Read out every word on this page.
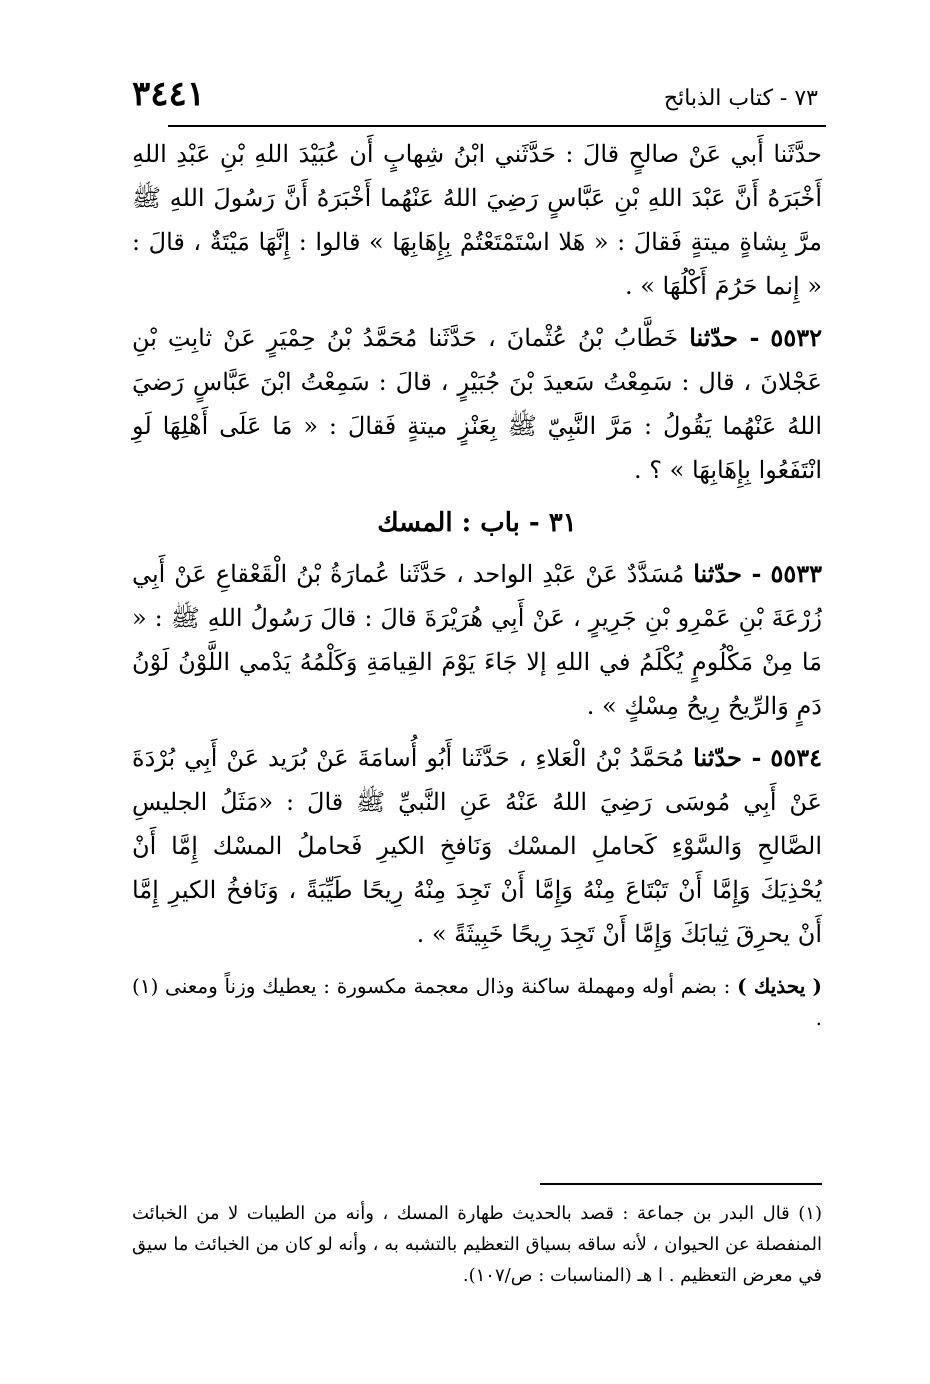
٣٤٤١	٧٣ - كتاب الذبائح

حدَّثَنا أَبي عَنْ صالحٍ قالَ : حَدَّثَني ابْنُ شِهابٍ أَن عُبَيْدَ اللهِ بْنِ عَبْدِ اللهِ أَخْبَرَهُ أَنَّ عَبْدَ اللهِ بْنِ عَبَّاسٍ رَضِيَ اللهُ عَنْهُما أَخْبَرَهُ أَنَّ رَسُولَ اللهِ ﷺ مرَّ بِشاةٍ ميتةٍ فَقالَ : « هَلا اسْتَمْتَعْتُمْ بِإِهَابِهَا » قالوا : إِنَّهَا مَيْتَةٌ ، قالَ : « إِنما حَرُمَ أَكْلُهَا » .

٥٥٣٢ - حدّثنا خَطَّابُ بْنُ عُثْمانَ ، حَدَّثَنا مُحَمَّدُ بْنُ حِمْيَرٍ عَنْ ثابِتِ بْنِ عَجْلانَ ، قال : سَمِعْتُ سَعيدَ بْنَ جُبَيْرٍ ، قالَ : سَمِعْتُ ابْنَ عَبَّاسٍ رَضيَ اللهُ عَنْهُما يَقُولُ : مَرَّ النَّبِيّ ﷺ بِعَنْزٍ ميتةٍ فَقالَ : « مَا عَلَى أَهْلِهَا لَوِ انْتَفَعُوا بِإِهَابِهَا » ؟ .

٣١ - باب : المسك

٥٥٣٣ - حدّثنا مُسَدَّدٌ عَنْ عَبْدِ الواحد ، حَدَّثَنا عُمارَةُ بْنُ الْقَعْقاعِ عَنْ أَبِي زُرْعَةَ بْنِ عَمْرِو بْنِ جَرِيرٍ ، عَنْ أَبِي هُرَيْرَةَ قالَ : قالَ رَسُولُ اللهِ ﷺ : « مَا مِنْ مَكْلُومٍ يُكْلَمُ في اللهِ إلا جَاءَ يَوْمَ القِيامَةِ وَكَلْمُهُ يَدْمي اللَّوْنُ لَوْنُ دَمٍ وَالرِّيحُ رِيحُ مِسْكٍ » .

٥٥٣٤ - حدّثنا مُحَمَّدُ بْنُ الْعَلاءِ ، حَدَّثَنا أَبُو أُسامَةَ عَنْ بُرَيد عَنْ أَبِي بُرْدَةَ عَنْ أَبِي مُوسَى رَضِيَ اللهُ عَنْهُ عَنِ النَّبيِّ ﷺ قالَ : «مَثَلُ الجليسِ الصَّالحِ وَالسَّوْءِ كَحاملِ المسْك وَنَافخِ الكيرِ فَحاملُ المسْك إِمَّا أَنْ يُحْذِيَكَ وَإِمَّا أَنْ تَبْتَاعَ مِنْهُ وَإِمَّا أَنْ تَجِدَ مِنْهُ رِيحًا طَيِّبَةً ، وَنَافخُ الكيرِ إِمَّا أَنْ يحرِقَ ثِيابَكَ وَإِمَّا أَنْ تَجِدَ رِيحًا خَبِيثَةً » .

( يحذيك ) : بضم أوله ومهملة ساكنة وذال معجمة مكسورة : يعطيك وزناً ومعنى (١) .

(١) قال البدر بن جماعة : قصد بالحديث طهارة المسك ، وأنه من الطيبات لا من الخبائث المنفصلة عن الحيوان ، لأنه ساقه بسياق التعظيم بالتشبه به ، وأنه لو كان من الخبائث ما سيق في معرض التعظيم . ا هـ (المناسبات : ص/١٠٧).
